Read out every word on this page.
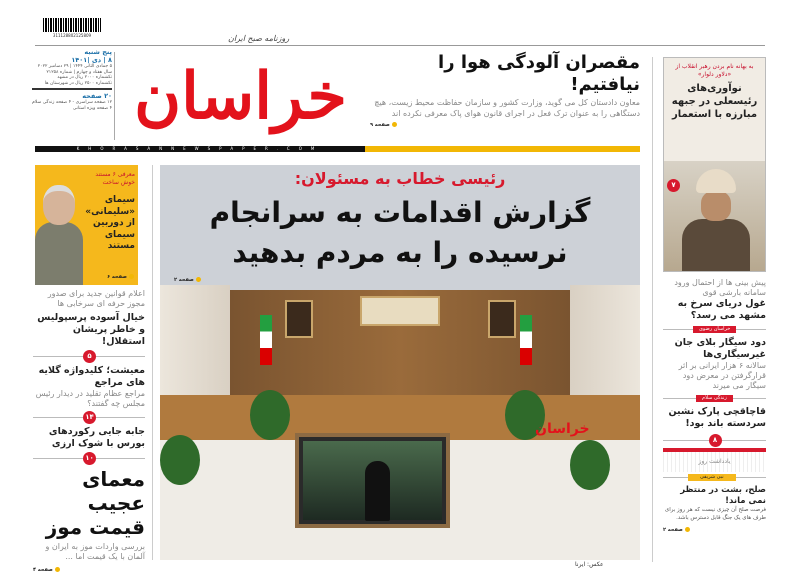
311128802125809
پنج شنبه
۸ | دی |۱۴۰۱
۵ جمادی الثانی ۱۴۴۴ | ۲۹ دسامبر ۲۰۲۲
سال هفتاد و چهارم | شماره ۲۱۲۵۸
تکشماره ۲۰۰۰ ریال در مشهد
تکشماره ۲۵۰۰ ریال در شهرستان ها
۲۰ صفحه
۱۲ صفحه سراسری - ۴ صفحه زندگی سلام
۴ صفحه ویژه استانی خراسان
روزنامه صبح ایران
KHORASANNEWSPAPER.COM
مقصران آلودگی هوا را نیافتیم!
معاون دادستان کل می گوید، وزارت کشور و سازمان حفاظت محیط زیست، هیچ دستگاهی را به عنوان ترک فعل در اجرای قانون هوای پاک معرفی نکرده اند
صفحه ۹
به بهانه نام بردن رهبر انقلاب از «دلاور دلوار»
نوآوری‌های رئیسعلی در جبهه مبارزه با استعمار
۷
خراسان
رئیسی خطاب به مسئولان:
گزارش اقدامات به سرانجام
نرسیده را به مردم بدهید
صفحه ۲
عکس: ایرنا
معرفی ۶ مستند خوش ساخت
سیمای «سلیمانی» از دوربین سیمای مستند
صفحه ۶
اعلام قوانین جدید برای صدور مجوز حرفه ای سرخابی ها
خیال آسوده پرسپولیس و خاطر پریشان استقلال!
۵
معیشت؛ کلیدواژه گلایه های مراجع
مراجع عظام تقلید در دیدار رئیس مجلس چه گفتند؟
۱۴
جابه جایی رکوردهای بورس با شوک ارزی
۱۰
معمای عجیب قیمت موز
بررسی واردات موز به ایران و آلمان با یک قیمت اما ...
صفحه ۴
پیش بینی ها از احتمال ورود سامانه بارشی قوی
غول دریای سرخ به مشهد می رسد؟
خراسان رضوی
دود سیگار بلای جان غیرسیگاری‌ها
سالانه ۶ هزار ایرانی بر اثر قرارگرفتن در معرض دود سیگار می میرند
زندگی سلام
قاچاقچی پارک نشین سردسته باند بود!
۸
یادداشت روز
نبی شریفی
صلح، بشت در منتظر نمی ماند!
فرصت صلح آن چیزی نیست که هر روز برای طرف های یک جنگ قابل دسترس باشد.
صفحه ۲
